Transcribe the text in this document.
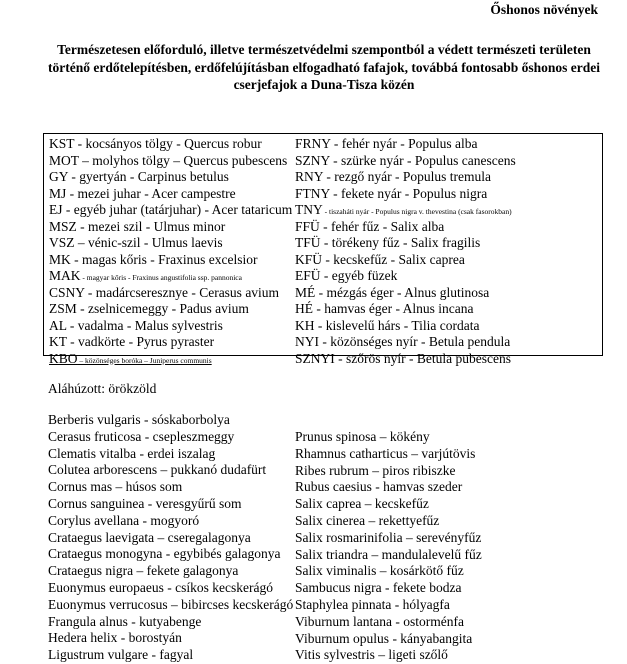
Őshonos növények
Természetesen előforduló, illetve természetvédelmi szempontból a védett természeti területen
történő erdőtelepítésben, erdőfelújításban elfogadható fafajok, továbbá fontosabb őshonos erdei
cserjefajok a Duna-Tisza közén
KST - kocsányos tölgy - Quercus robur
MOT – molyhos tölgy – Quercus pubescens
GY - gyertyán - Carpinus betulus
MJ - mezei juhar - Acer campestre
EJ - egyéb juhar (tatárjuhar) - Acer tataricum
MSZ - mezei szil - Ulmus minor
VSZ – vénic-szil - Ulmus laevis
MK - magas kőris - Fraxinus excelsior
MAK - magyar kőris - Fraxinus angustifolia ssp. pannonica
CSNY - madárcseresznye - Cerasus avium
ZSM - zselnicemeggy - Padus avium
AL - vadalma - Malus sylvestris
KT - vadkörte - Pyrus pyraster
KBO – közönséges boróka – Juniperus communis
FRNY - fehér nyár - Populus alba
SZNY - szürke nyár - Populus canescens
RNY - rezgő nyár - Populus tremula
FTNY - fekete nyár - Populus nigra
TNY - tiszaháti nyár - Populus nigra v. thevestina (csak fasorokban)
FFÜ - fehér fűz - Salix alba
TFÜ - törékeny fűz - Salix fragilis
KFÜ - kecskefűz - Salix caprea
EFÜ - egyéb füzek
MÉ - mézgás éger - Alnus glutinosa
HÉ - hamvas éger - Alnus incana
KH - kislevelű hárs - Tilia cordata
NYI - közönséges nyír - Betula pendula
SZNYI - szőrös nyír - Betula pubescens
Aláhúzott: örökzöld
Berberis vulgaris - sóskaborbolya
Cerasus fruticosa - csepleszmeggy
Clematis vitalba - erdei iszalag
Colutea arborescens – pukkanó dudafürt
Cornus mas – húsos som
Cornus sanguinea - veresgyűrű som
Corylus avellana - mogyoró
Crataegus laevigata – cseregalagonya
Crataegus monogyna - egybibés galagonya
Crataegus nigra – fekete galagonya
Euonymus europaeus - csíkos kecskerágó
Euonymus verrucosus – bibircses kecskerágó
Frangula alnus - kutyabenge
Hedera helix - borostyán
Ligustrum vulgare - fagyal
Prunus spinosa – kökény
Rhamnus catharticus – varjútövis
Ribes rubrum – piros ribiszke
Rubus caesius - hamvas szeder
Salix caprea – kecskefűz
Salix cinerea – rekettyefűz
Salix rosmarinifolia – serevényfűz
Salix triandra – mandulalevelű fűz
Salix viminalis – kosárkötő fűz
Sambucus nigra - fekete bodza
Staphylea pinnata - hólyagfa
Viburnum lantana - ostorménfa
Viburnum opulus - kányabangita
Vitis sylvestris – ligeti szőlő
